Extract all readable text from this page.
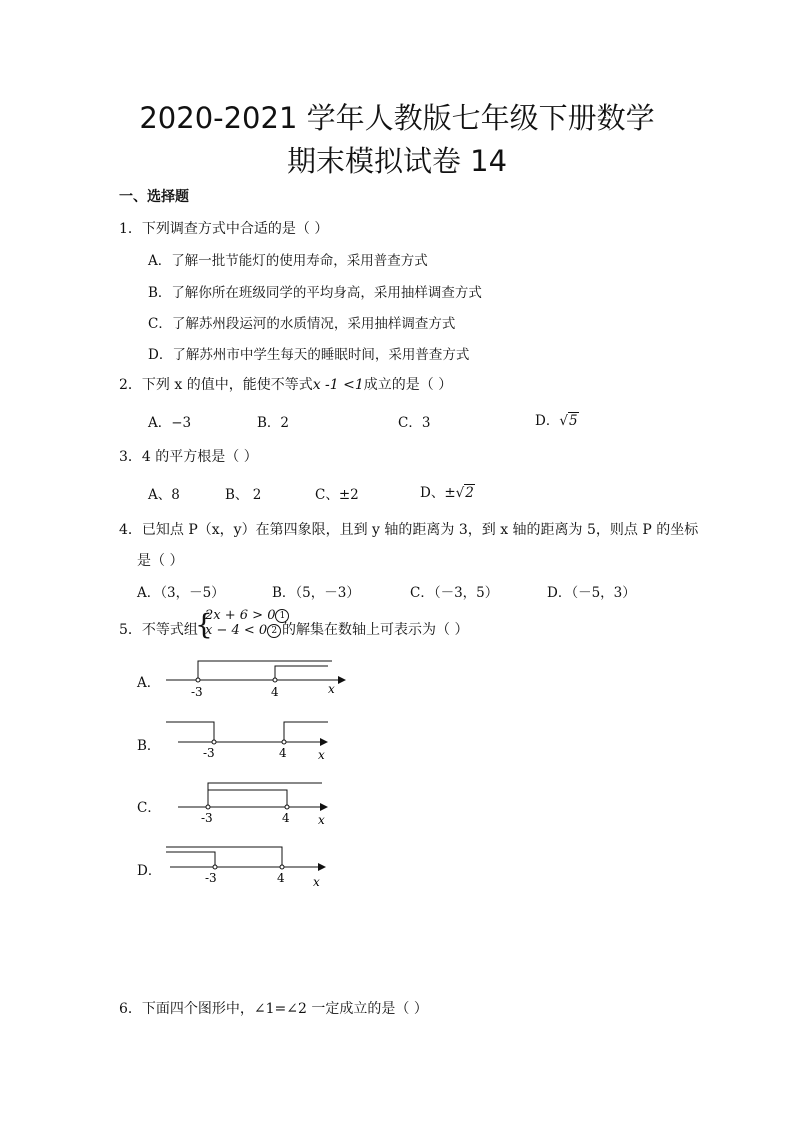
2020-2021 学年人教版七年级下册数学
期末模拟试卷 14
一、选择题
1．下列调查方式中合适的是（ ）
A．了解一批节能灯的使用寿命，采用普查方式
B．了解你所在班级同学的平均身高，采用抽样调查方式
C．了解苏州段运河的水质情况，采用抽样调查方式
D．了解苏州市中学生每天的睡眠时间，采用普查方式
2．下列 x 的值中，能使不等式x -1 <1成立的是（ ）
A．−3	B．2	C．3	D．√5
3．4 的平方根是（ ）
A、8	B、 2	C、±2	D、±√2
4．已知点 P（x，y）在第四象限，且到 y 轴的距离为 3，到 x 轴的距离为 5，则点 P 的坐标
是（ ）
A．（3，－5）	B．（5，－3）	C．（－3，5）	D．（－5，3）
5．不等式组
{
2x + 6 > 0 1
x − 4 < 0 2 的解集在数轴上可表示为（ ）
A．
B．
C．
D．
-3	4	x
-3	4	x
-3	4 x
-3	4 x
6．下面四个图形中，∠1=∠2 一定成立的是（ ）
